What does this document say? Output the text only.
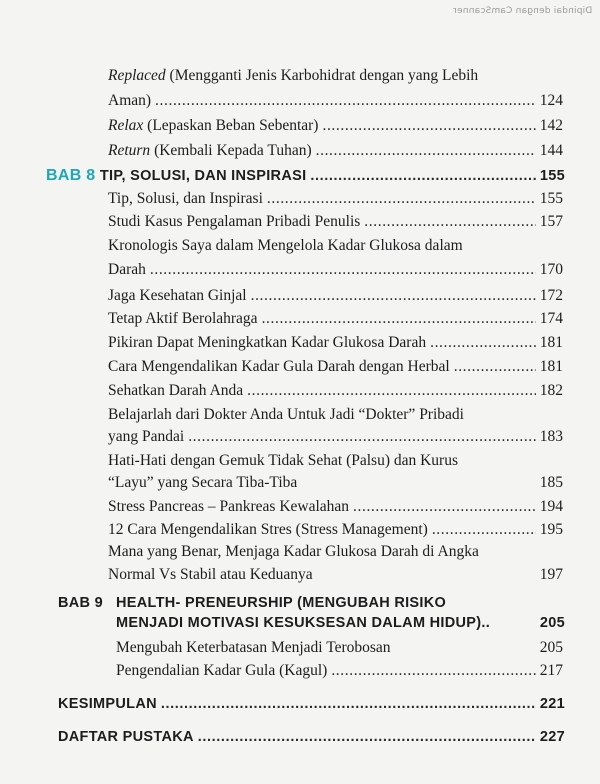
Dipindai dengan CamScanner
Replaced (Mengganti Jenis Karbohidrat dengan yang Lebih
Aman) .....	124
Relax (Lepaskan Beban Sebentar) .....	142
Return (Kembali Kepada Tuhan) .....	144
BAB 8 TIP, SOLUSI, DAN INSPIRASI .....	155
Tip, Solusi, dan Inspirasi .....	155
Studi Kasus Pengalaman Pribadi Penulis .....	157
Kronologis Saya dalam Mengelola Kadar Glukosa dalam
Darah .....	170
Jaga Kesehatan Ginjal .....	172
Tetap Aktif Berolahraga .....	174
Pikiran Dapat Meningkatkan Kadar Glukosa Darah .....	181
Cara Mengendalikan Kadar Gula Darah dengan Herbal .....	181
Sehatkan Darah Anda .....	182
Belajarlah dari Dokter Anda Untuk Jadi “Dokter” Pribadi
yang Pandai .....	183
Hati-Hati dengan Gemuk Tidak Sehat (Palsu) dan Kurus
“Layu” yang Secara Tiba-Tiba	185
Stress Pancreas – Pankreas Kewalahan .....	194
12 Cara Mengendalikan Stres (Stress Management) .....	195
Mana yang Benar, Menjaga Kadar Glukosa Darah di Angka
Normal Vs Stabil atau Keduanya	197
BAB 9 HEALTH- PRENEURSHIP (MENGUBAH RISIKO
MENJADI MOTIVASI KESUKSESAN DALAM HIDUP)..	205
Mengubah Keterbatasan Menjadi Terobosan	205
Pengendalian Kadar Gula (Kagul) .....	217
KESIMPULAN .....	221
DAFTAR PUSTAKA .....	227
